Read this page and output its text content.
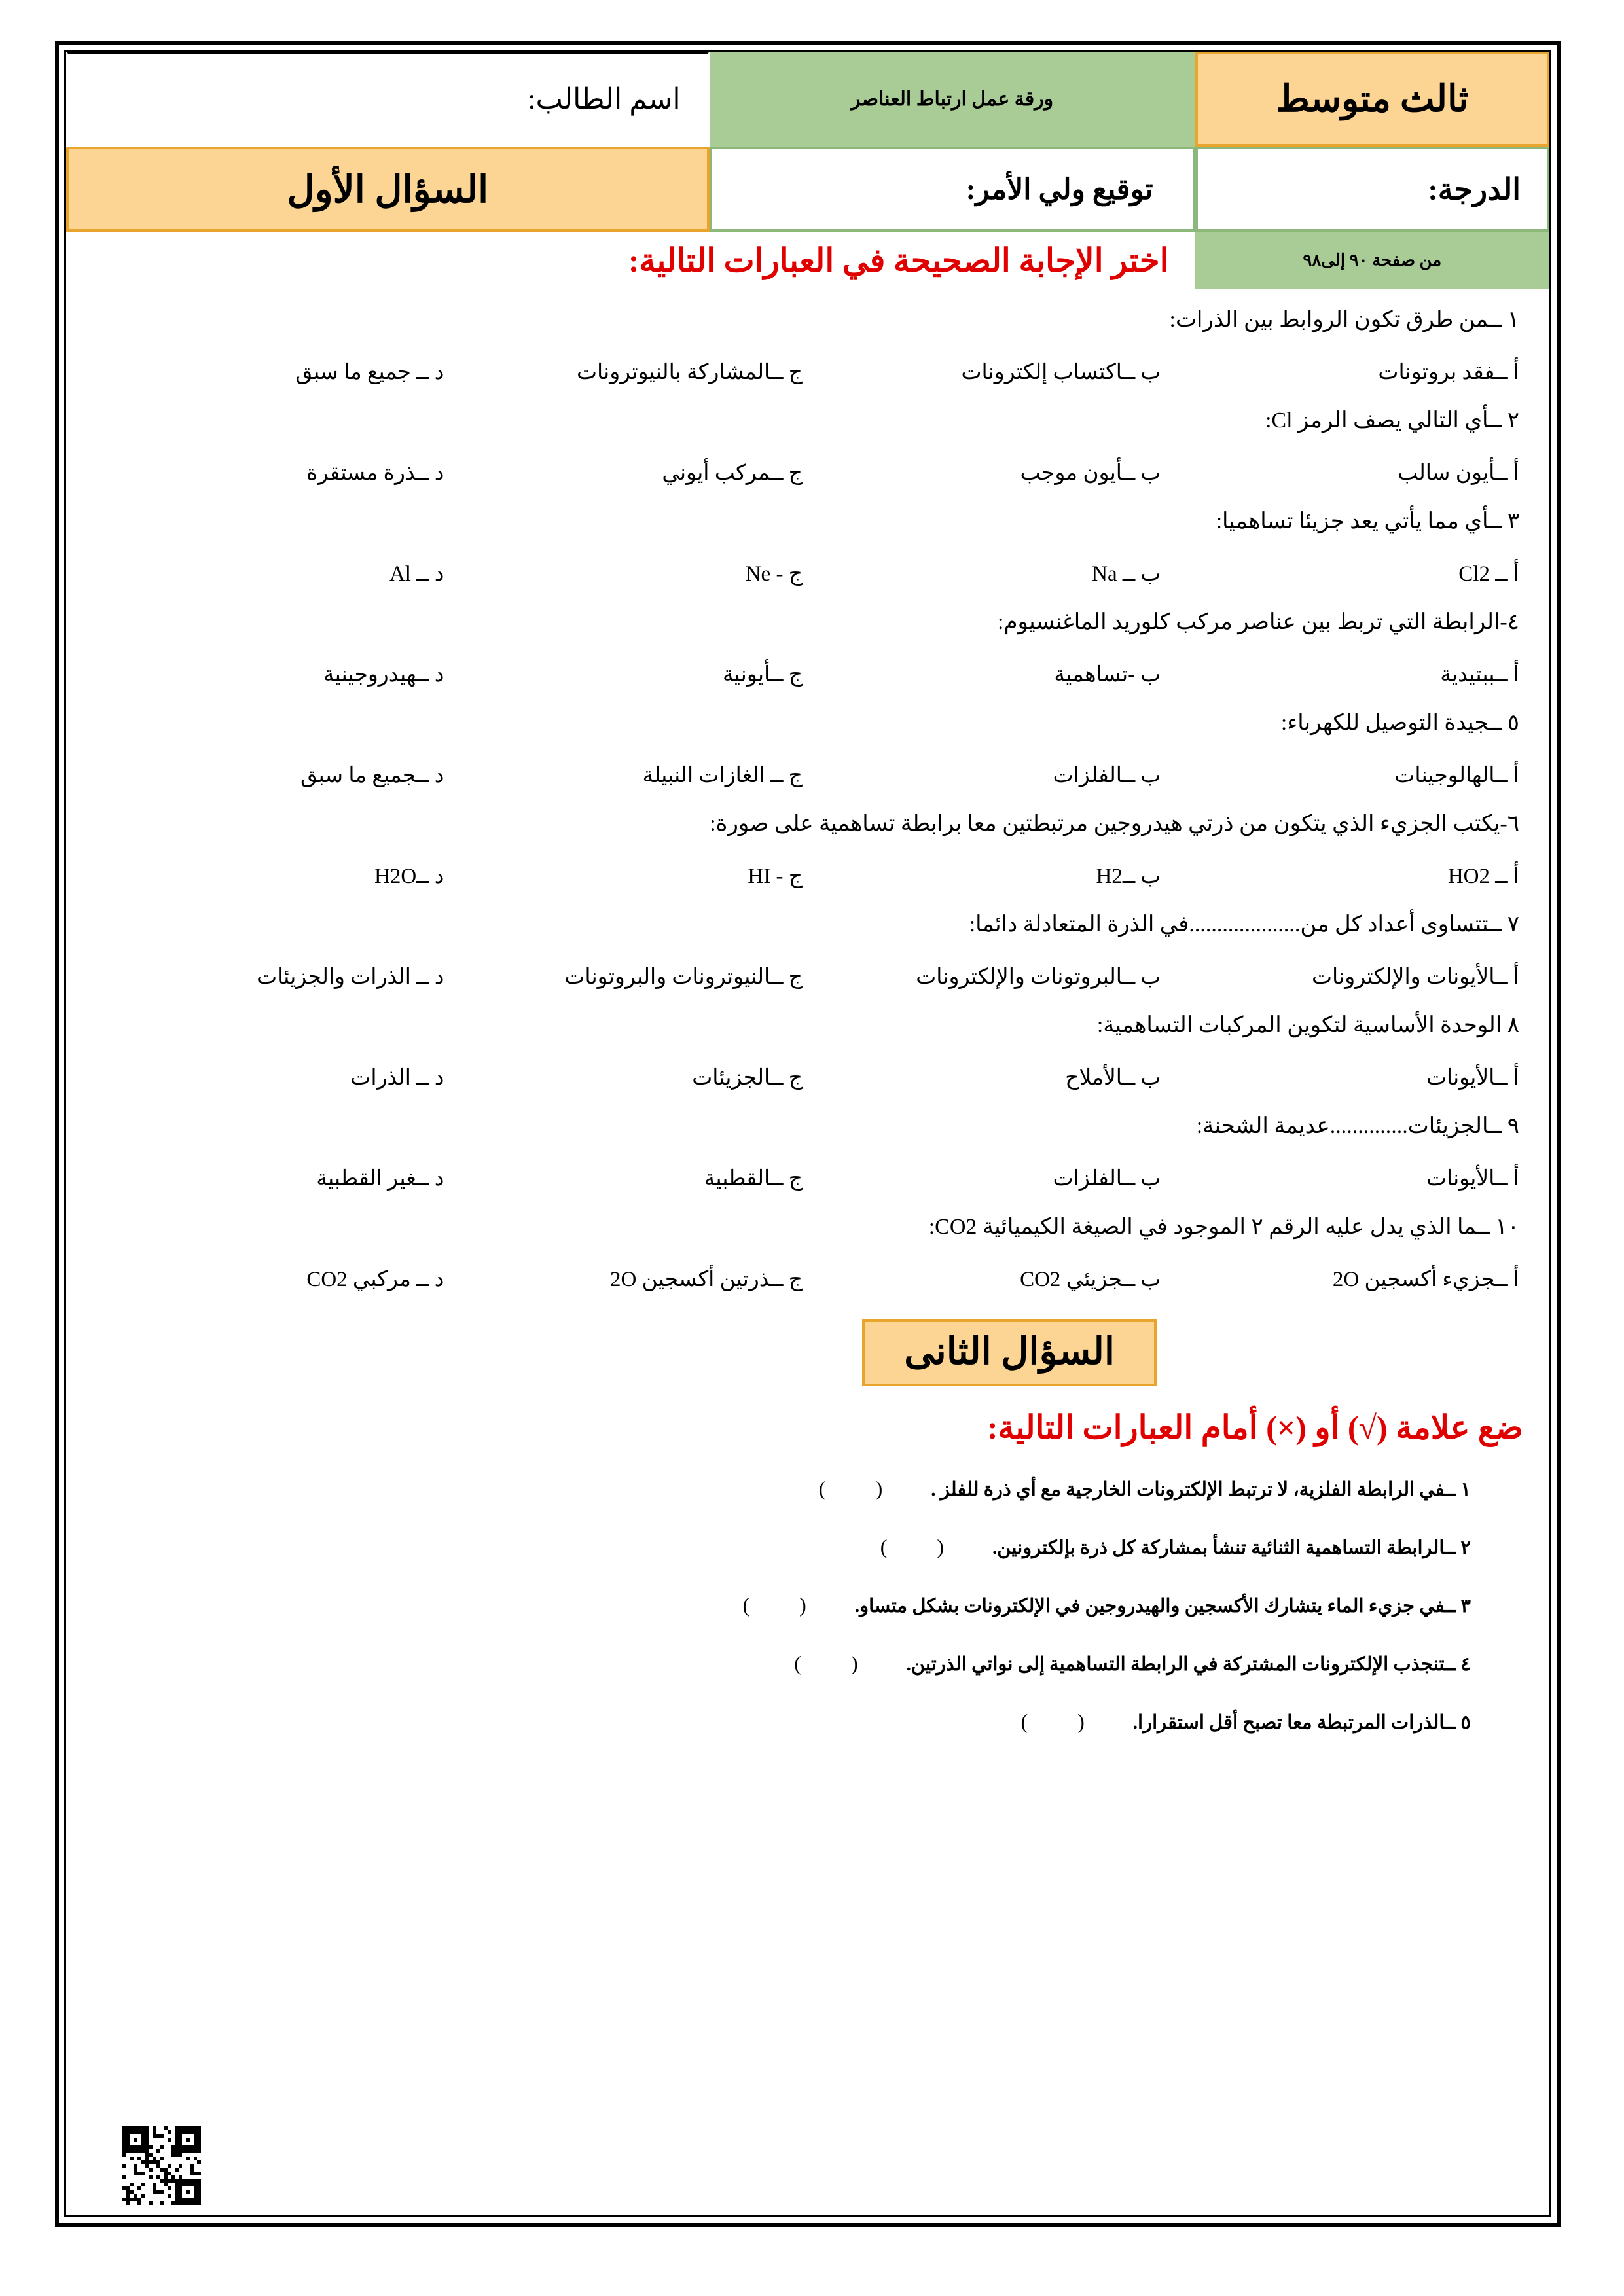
ثالث متوسط	ورقة عمل ارتباط العناصر	اسم الطالب:

الدرجة:	توقيع ولي الأمر:	السؤال الأول

من صفحة ٩٠ إلى٩٨	اختر الإجابة الصحيحة في العبارات التالية:	
١ ــمن طرق تكون الروابط بين الذرات:
أ ــفقد بروتونات
ب ــاكتساب إلكترونات
ج ــالمشاركة بالنيوترونات
د ــ جميع ما سبق
٢ ــأي التالي يصف الرمز Cl:
أ ــأيون سالب
ب ــأيون موجب
ج ــمركب أيوني
د ــذرة مستقرة
٣ ــأي مما يأتي يعد جزيئا تساهميا:
أ ــ Cl2
ب ــ Na
ج - Ne
د ــ Al
٤-الرابطة التي تربط بين عناصر مركب كلوريد الماغنسيوم:
أ ــببتيدية
ب -تساهمية
ج ــأيونية
د ــهيدروجينية
٥ ــجيدة التوصيل للكهرباء:
أ ــالهالوجينات
ب ــالفلزات
ج ــ الغازات النبيلة
د ــجميع ما سبق
٦-يكتب الجزيء الذي يتكون من ذرتي هيدروجين مرتبطتين معا برابطة تساهمية على صورة:
أ ــ HO2
ب ــH2
ج - HI
د ــH2O
٧ ــتتساوى أعداد كل من....................في الذرة المتعادلة دائما:
أ ــالأيونات والإلكترونات
ب ــالبروتونات والإلكترونات
ج ــالنيوترونات والبروتونات
د ــ الذرات والجزيئات
٨ الوحدة الأساسية لتكوين المركبات التساهمية:
أ ــالأيونات
ب ــالأملاح
ج ــالجزيئات
د ــ الذرات
٩ ــالجزيئات..............عديمة الشحنة:
أ ــالأيونات
ب ــالفلزات
ج ــالقطبية
د ــغير القطبية
١٠ ــما الذي يدل عليه الرقم ٢ الموجود في الصيغة الكيميائية CO2:
أ ــجزيء أكسجين 2O
ب ــجزيئي CO2
ج ــذرتين أكسجين 2O
د ــ مركبي CO2
السؤال الثانى
ضع علامة (√) أو (×) أمام العبارات التالية:
١ ــفي الرابطة الفلزية، لا ترتبط الإلكترونات الخارجية مع أي ذرة للفلز .
( )
٢ ــالرابطة التساهمية الثنائية تنشأ بمشاركة كل ذرة بإلكترونين.
( )
٣ ــفي جزيء الماء يتشارك الأكسجين والهيدروجين في الإلكترونات بشكل متساو.
( )
٤ ــتنجذب الإلكترونات المشتركة في الرابطة التساهمية إلى نواتي الذرتين.
( )
٥ ــالذرات المرتبطة معا تصبح أقل استقرارا.
( )
